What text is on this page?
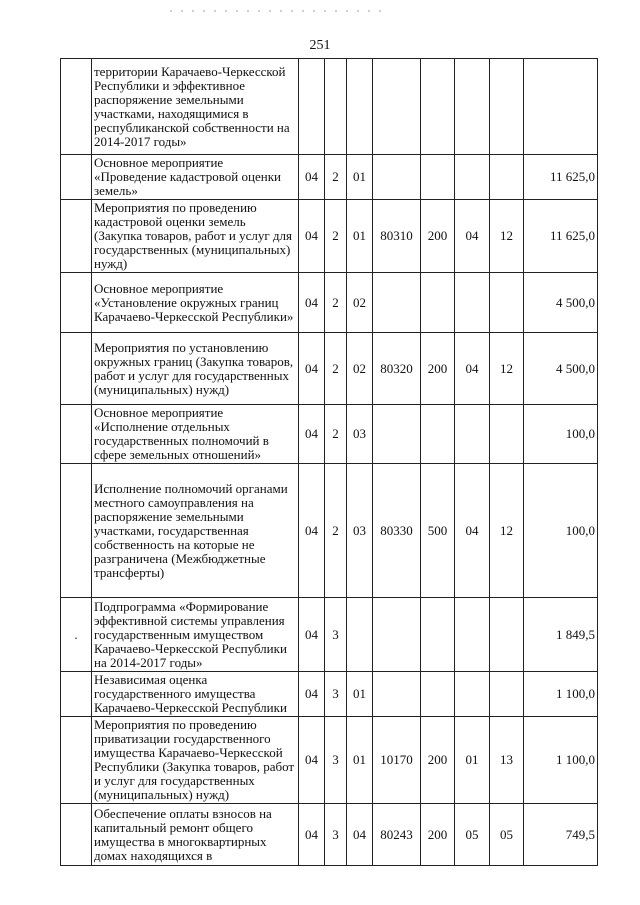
251
	территории Карачаево-Черкесской Республики и эффективное распоряжение земельными участками, находящимися в республиканской собственности на 2014-2017 годы»								
	Основное мероприятие «Проведение кадастровой оценки земель»	04	2	01					11 625,0
	Мероприятия по проведению кадастровой оценки земель (Закупка товаров, работ и услуг для государственных (муниципальных) нужд)	04	2	01	80310	200	04	12	11 625,0
	Основное мероприятие «Установление окружных границ Карачаево-Черкесской Республики»	04	2	02					4 500,0
	Мероприятия по установлению окружных границ (Закупка товаров, работ и услуг для государственных (муниципальных) нужд)	04	2	02	80320	200	04	12	4 500,0
	Основное мероприятие «Исполнение отдельных государственных полномочий в сфере земельных отношений»	04	2	03					100,0
	Исполнение полномочий органами местного самоуправления на распоряжение земельными участками, государственная собственность на которые не разграничена (Межбюджетные трансферты)	04	2	03	80330	500	04	12	100,0
.	Подпрограмма «Формирование эффективной системы управления государственным имуществом Карачаево-Черкесской Республики на 2014-2017 годы»	04	3						1 849,5
	Независимая оценка государственного имущества Карачаево-Черкесской Республики	04	3	01					1 100,0
	Мероприятия по проведению приватизации государственного имущества Карачаево-Черкесской Республики (Закупка товаров, работ и услуг для государственных (муниципальных) нужд)	04	3	01	10170	200	01	13	1 100,0
	Обеспечение оплаты взносов на капитальный ремонт общего имущества в многоквартирных домах находящихся в	04	3	04	80243	200	05	05	749,5
